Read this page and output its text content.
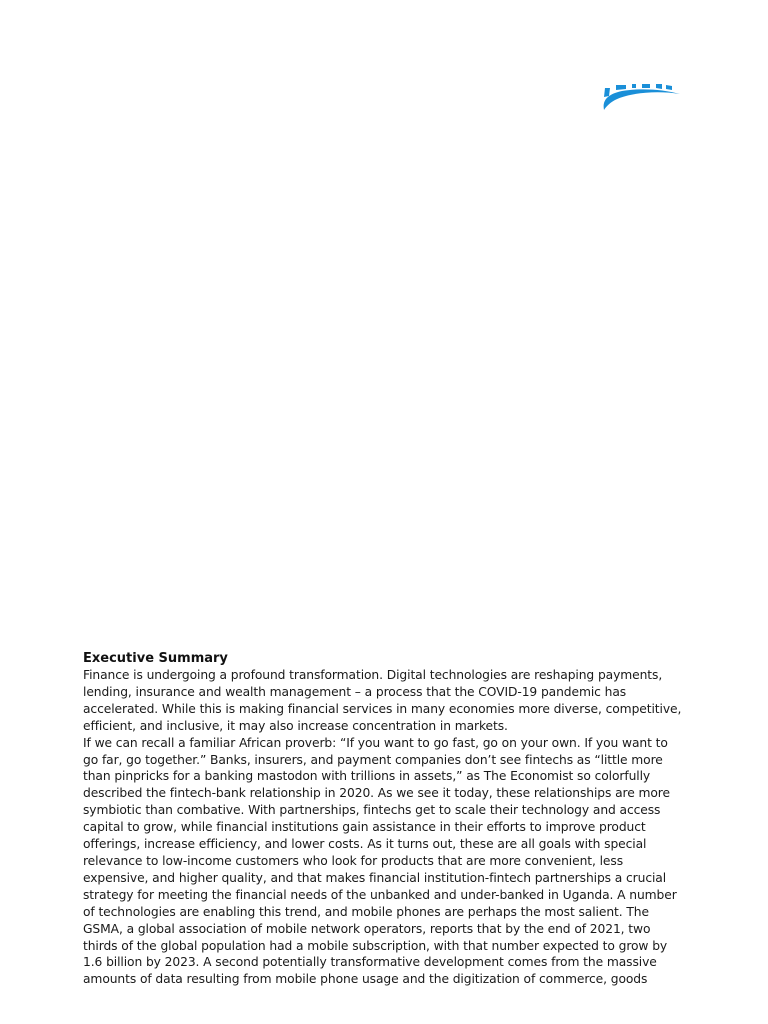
Executive Summary

Finance is undergoing a profound transformation. Digital technologies are reshaping payments,
lending, insurance and wealth management – a process that the COVID-19 pandemic has
accelerated. While this is making financial services in many economies more diverse, competitive,
efficient, and inclusive, it may also increase concentration in markets.

If we can recall a familiar African proverb: “If you want to go fast, go on your own. If you want to
go far, go together.” Banks, insurers, and payment companies don’t see fintechs as “little more
than pinpricks for a banking mastodon with trillions in assets,” as The Economist so colorfully
described the fintech-bank relationship in 2020. As we see it today, these relationships are more
symbiotic than combative. With partnerships, fintechs get to scale their technology and access
capital to grow, while financial institutions gain assistance in their efforts to improve product
offerings, increase efficiency, and lower costs. As it turns out, these are all goals with special
relevance to low-income customers who look for products that are more convenient, less
expensive, and higher quality, and that makes financial institution-fintech partnerships a crucial
strategy for meeting the financial needs of the unbanked and under-banked in Uganda. A number
of technologies are enabling this trend, and mobile phones are perhaps the most salient. The
GSMA, a global association of mobile network operators, reports that by the end of 2021, two
thirds of the global population had a mobile subscription, with that number expected to grow by
1.6 billion by 2023. A second potentially transformative development comes from the massive
amounts of data resulting from mobile phone usage and the digitization of commerce, goods
